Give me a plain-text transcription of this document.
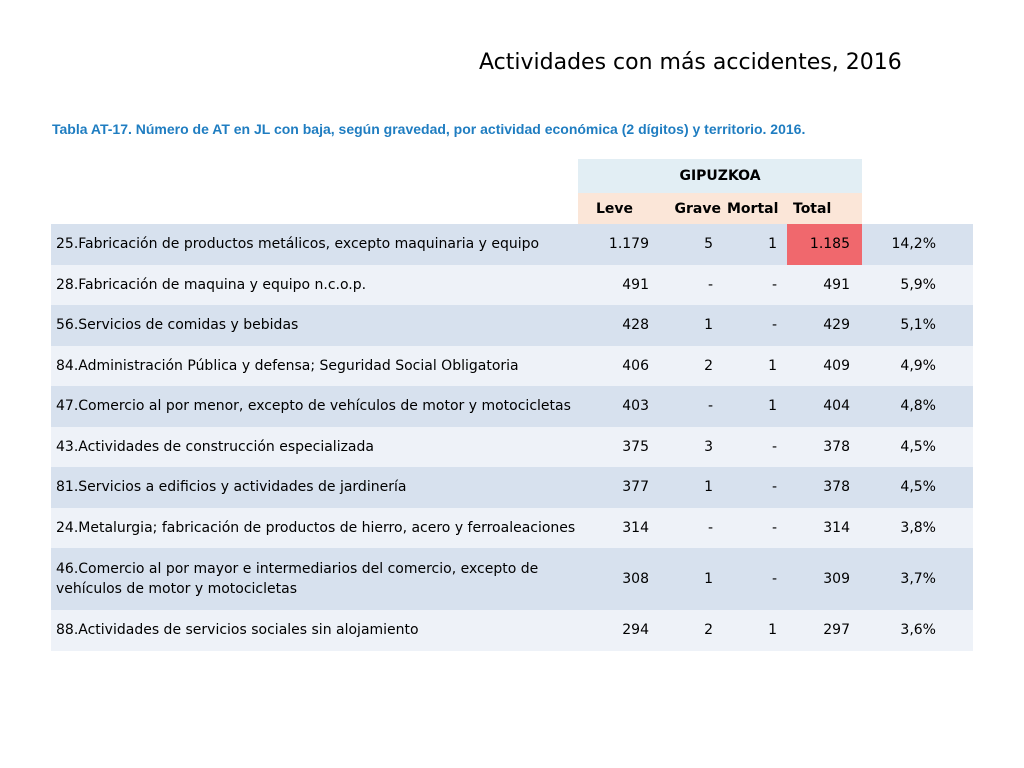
Actividades con más accidentes, 2016
Tabla AT-17. Número de AT en JL con baja, según gravedad, por actividad económica (2 dígitos) y territorio. 2016.
	GIPUZKOA				
	Leve	Grave	Mortal	Total	
25.Fabricación de productos metálicos, excepto maquinaria y equipo	1.179	5	1	1.185	14,2%
28.Fabricación de maquina y equipo n.c.o.p.	491	-	-	491	5,9%
56.Servicios de comidas y bebidas	428	1	-	429	5,1%
84.Administración Pública y defensa; Seguridad Social Obligatoria	406	2	1	409	4,9%
47.Comercio al por menor, excepto de vehículos de motor y motocicletas	403	-	1	404	4,8%
43.Actividades de construcción especializada	375	3	-	378	4,5%
81.Servicios a edificios y actividades de jardinería	377	1	-	378	4,5%
24.Metalurgia; fabricación de productos de hierro, acero y ferroaleaciones	314	-	-	314	3,8%
46.Comercio al por mayor e intermediarios del comercio, excepto de vehículos de motor y motocicletas	308	1	-	309	3,7%
88.Actividades de servicios sociales sin alojamiento	294	2	1	297	3,6%
